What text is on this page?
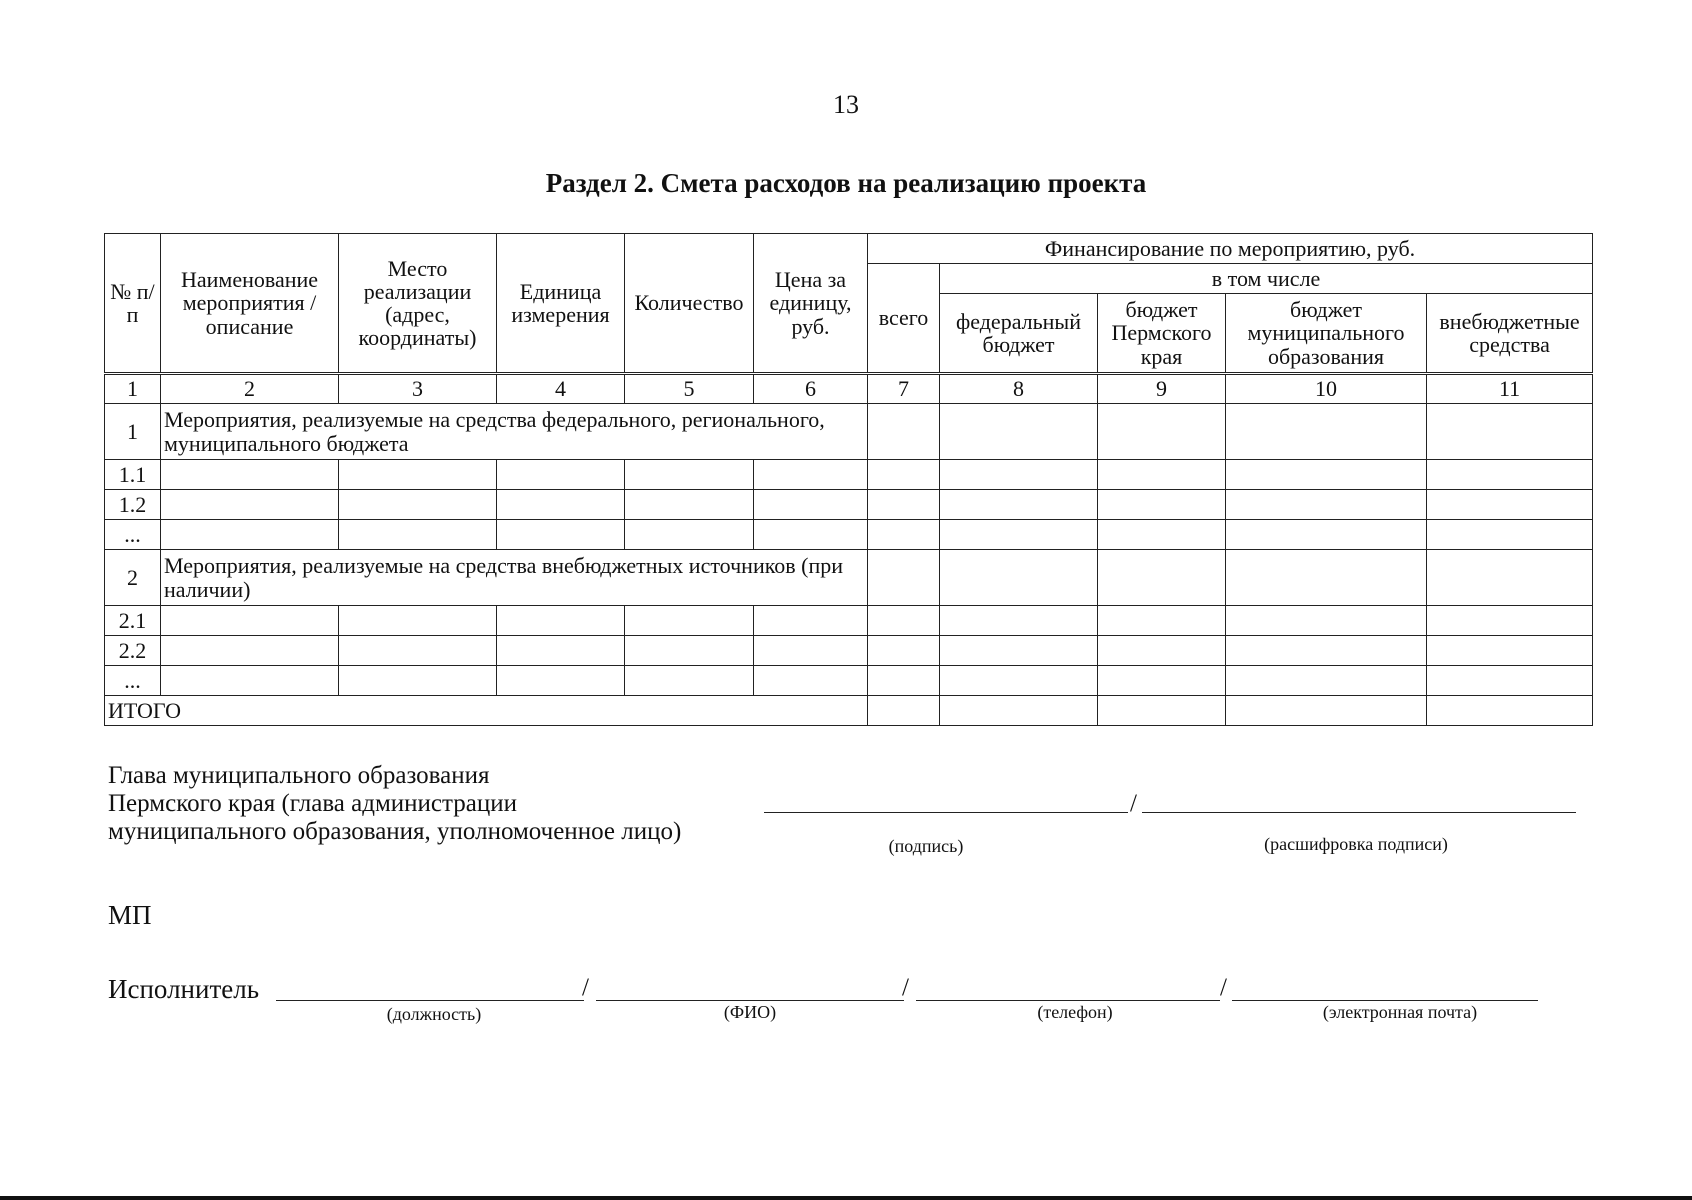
13
Раздел 2. Смета расходов на реализацию проекта
№ п/п	Наименование мероприятия / описание	Место реализации (адрес, координаты)	Единица измерения	Количество	Цена за единицу, руб.	Финансирование по мероприятию, руб.				
						всего	в том числе			
							федеральный бюджет	бюджет Пермского края	бюджет муниципального образования	внебюджетные средства
1	2	3	4	5	6	7	8	9	10	11
1	Мероприятия, реализуемые на средства федерального, регионального, муниципального бюджета									
1.1										
1.2										
...										
2	Мероприятия, реализуемые на средства внебюджетных источников (при наличии)									
2.1										
2.2										
...										
ИТОГО										
Глава муниципального образования
Пермского края (глава администрации
муниципального образования, уполномоченное лицо)
/
(подпись)	(расшифровка подписи)
МП
Исполнитель	/	/	/
(должность)	(ФИО)	(телефон)	(электронная почта)
